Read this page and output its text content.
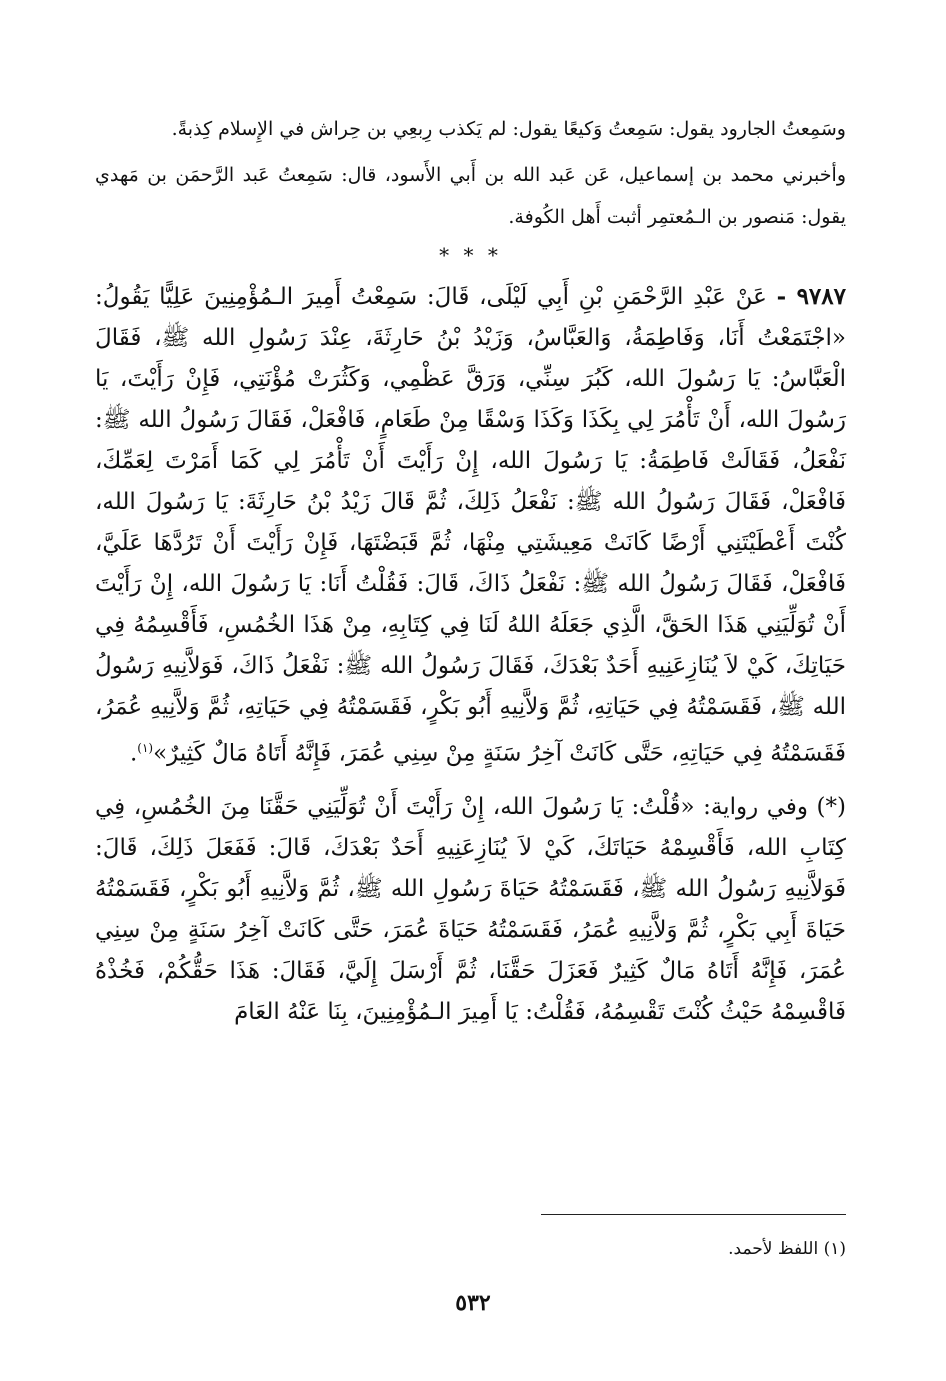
وسَمِعتُ الجارود يقول: سَمِعتُ وَكيعًا يقول: لم يَكذب رِبعِي بن حِراش في الإِسلام كِذبةً.

وأخبرني محمد بن إسماعيل، عَن عَبد الله بن أَبي الأَسود، قال: سَمِعتُ عَبد الرَّحمَن بن مَهدي يقول: مَنصور بن الـمُعتمِر أثبت أَهل الكُوفة.

* * *

٩٧٨٧ - عَنْ عَبْدِ الرَّحْمَنِ بْنِ أَبِي لَيْلَى، قَالَ: سَمِعْتُ أَمِيرَ الـمُؤْمِنِينَ عَلِيًّا يَقُولُ: «اجْتَمَعْتُ أَنَا، وَفَاطِمَةُ، وَالعَبَّاسُ، وَزَيْدُ بْنُ حَارِثَةَ، عِنْدَ رَسُولِ الله ﷺ، فَقَالَ الْعَبَّاسُ: يَا رَسُولَ الله، كَبُرَ سِنِّي، وَرَقَّ عَظْمِي، وَكَثُرَتْ مُؤْنَتِي، فَإِنْ رَأَيْتَ، يَا رَسُولَ الله، أَنْ تَأْمُرَ لِي بِكَذَا وَكَذَا وَسْقًا مِنْ طَعَامٍ، فَافْعَلْ، فَقَالَ رَسُولُ الله ﷺ: نَفْعَلُ، فَقَالَتْ فَاطِمَةُ: يَا رَسُولَ الله، إِنْ رَأَيْتَ أَنْ تَأْمُرَ لِي كَمَا أَمَرْتَ لِعَمِّكَ، فَافْعَلْ، فَقَالَ رَسُولُ الله ﷺ: نَفْعَلُ ذَلِكَ، ثُمَّ قَالَ زَيْدُ بْنُ حَارِثَةَ: يَا رَسُولَ الله، كُنْتَ أَعْطَيْتَنِي أَرْضًا كَانَتْ مَعِيشَتِي مِنْهَا، ثُمَّ قَبَضْتَهَا، فَإِنْ رَأَيْتَ أَنْ تَرُدَّهَا عَلَيَّ، فَافْعَلْ، فَقَالَ رَسُولُ الله ﷺ: نَفْعَلُ ذَاكَ، قَالَ: فَقُلْتُ أَنَا: يَا رَسُولَ الله، إِنْ رَأَيْتَ أَنْ تُوَلِّيَنِي هَذَا الحَقَّ، الَّذِي جَعَلَهُ اللهُ لَنَا فِي كِتَابِهِ، مِنْ هَذَا الخُمُسِ، فَأَقْسِمُهُ فِي حَيَاتِكَ، كَيْ لاَ يُنَازِعَنِيهِ أَحَدٌ بَعْدَكَ، فَقَالَ رَسُولُ الله ﷺ: نَفْعَلُ ذَاكَ، فَوَلاَّنِيهِ رَسُولُ الله ﷺ، فَقَسَمْتُهُ فِي حَيَاتِهِ، ثُمَّ وَلاَّنِيهِ أَبُو بَكْرٍ، فَقَسَمْتُهُ فِي حَيَاتِهِ، ثُمَّ وَلاَّنِيهِ عُمَرُ، فَقَسَمْتُهُ فِي حَيَاتِهِ، حَتَّى كَانَتْ آخِرُ سَنَةٍ مِنْ سِنِي عُمَرَ، فَإِنَّهُ أَتَاهُ مَالٌ كَثِيرٌ»$^{(١)}$.

(*) وفي رواية: «قُلْتُ: يَا رَسُولَ الله، إِنْ رَأَيْتَ أَنْ تُوَلِّيَنِي حَقَّنَا مِنَ الخُمُسِ، فِي كِتَابِ الله، فَأَقْسِمْهُ حَيَاتَكَ، كَيْ لاَ يُنَازِعَنِيهِ أَحَدٌ بَعْدَكَ، قَالَ: فَفَعَلَ ذَلِكَ، قَالَ: فَوَلاَّنِيهِ رَسُولُ الله ﷺ، فَقَسَمْتُهُ حَيَاةَ رَسُولِ الله ﷺ، ثُمَّ وَلاَّنِيهِ أَبُو بَكْرٍ، فَقَسَمْتُهُ حَيَاةَ أَبِي بَكْرٍ، ثُمَّ وَلاَّنِيهِ عُمَرُ، فَقَسَمْتُهُ حَيَاةَ عُمَرَ، حَتَّى كَانَتْ آخِرُ سَنَةٍ مِنْ سِنِي عُمَرَ، فَإِنَّهُ أَتَاهُ مَالٌ كَثِيرٌ فَعَزَلَ حَقَّنَا، ثُمَّ أَرْسَلَ إِلَيَّ، فَقَالَ: هَذَا حَقُّكُمْ، فَخُذْهُ فَاقْسِمْهُ حَيْثُ كُنْتَ تَقْسِمُهُ، فَقُلْتُ: يَا أَمِيرَ الـمُؤْمِنِينَ، بِنَا عَنْهُ العَامَ

(١) اللفظ لأحمد.
٥٣٢
